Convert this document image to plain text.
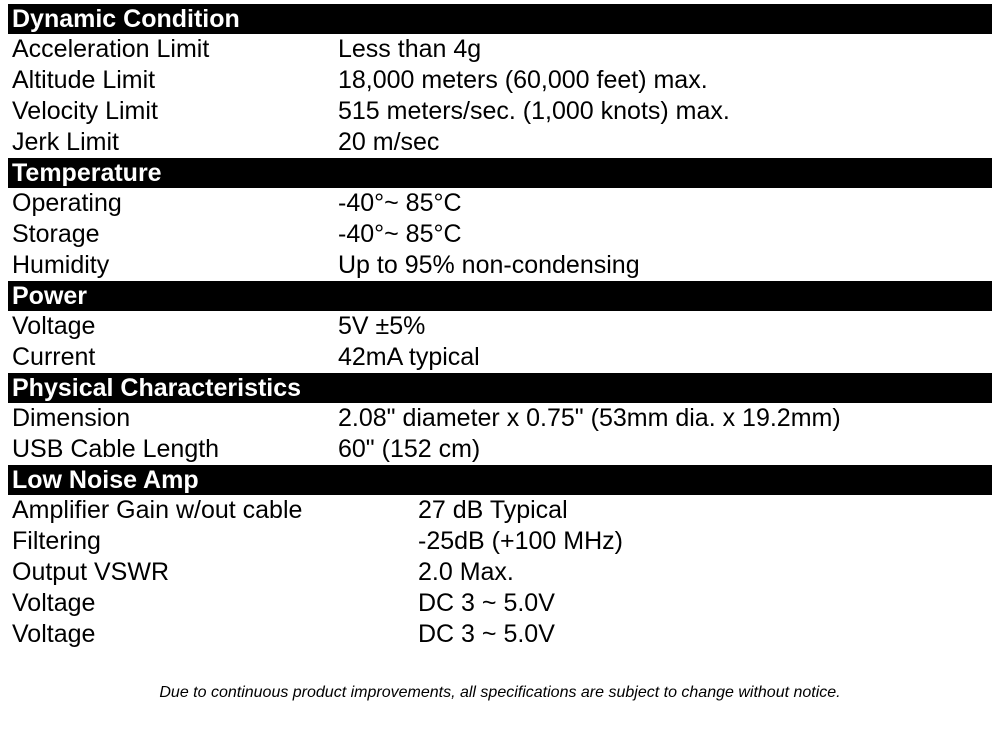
Dynamic Condition
Acceleration Limit	Less than 4g
Altitude Limit	18,000 meters (60,000 feet) max.
Velocity Limit	515 meters/sec. (1,000 knots) max.
Jerk Limit	20 m/sec
Temperature
Operating	-40°~ 85°C
Storage	-40°~ 85°C
Humidity	Up to 95% non-condensing
Power
Voltage	5V ±5%
Current	42mA typical
Physical Characteristics
Dimension	2.08" diameter x 0.75" (53mm dia. x 19.2mm)
USB Cable Length	60" (152 cm)
Low Noise Amp
Amplifier Gain w/out cable	27 dB Typical
Filtering	-25dB (+100 MHz)
Output VSWR	2.0 Max.
Voltage	DC 3 ~ 5.0V
Voltage	DC 3 ~ 5.0V
Due to continuous product improvements, all specifications are subject to change without notice.
